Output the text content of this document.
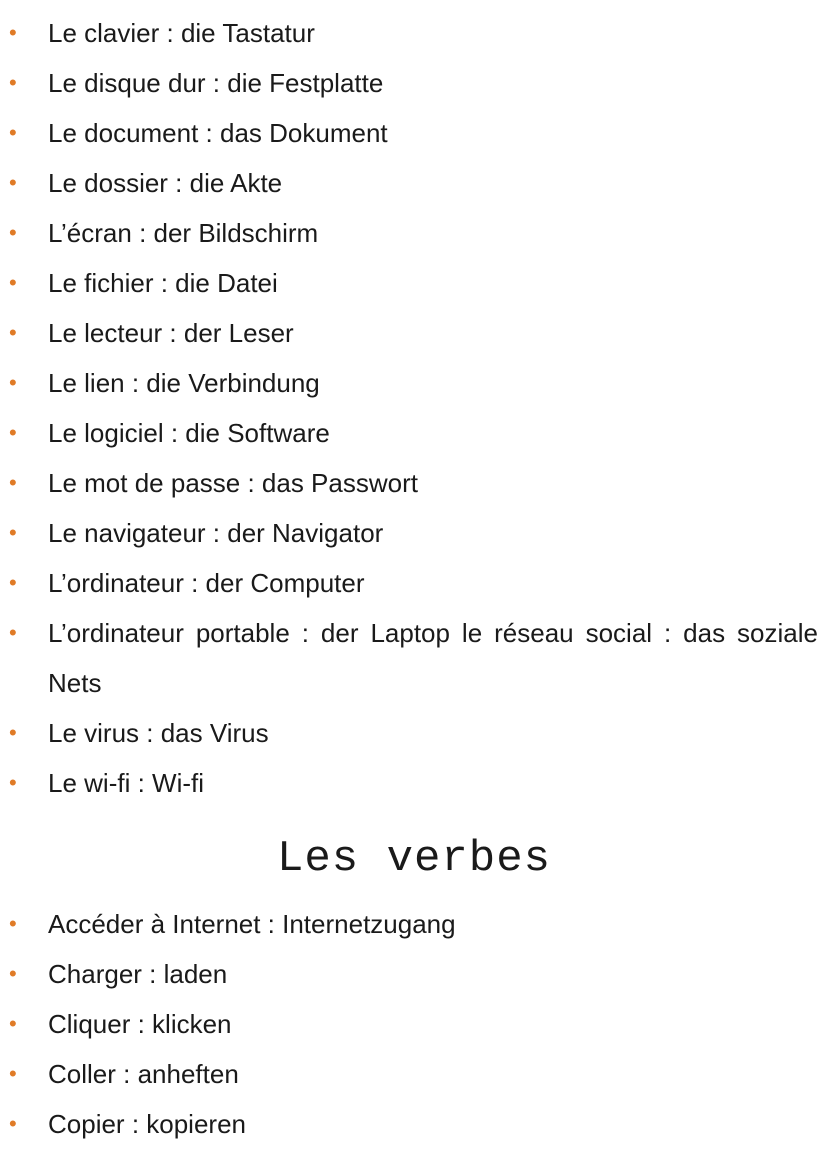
• Le clavier : die Tastatur
• Le disque dur : die Festplatte
• Le document : das Dokument
• Le dossier : die Akte
• L’écran : der Bildschirm
• Le fichier : die Datei
• Le lecteur : der Leser
• Le lien : die Verbindung
• Le logiciel : die Software
• Le mot de passe : das Passwort
• Le navigateur : der Navigator
• L’ordinateur : der Computer
• L’ordinateur portable : der Laptop le réseau social : das soziale Nets
• Le virus : das Virus
• Le wi-fi : Wi-fi
Les verbes
• Accéder à Internet : Internetzugang
• Charger : laden
• Cliquer : klicken
• Coller : anheften
• Copier : kopieren
